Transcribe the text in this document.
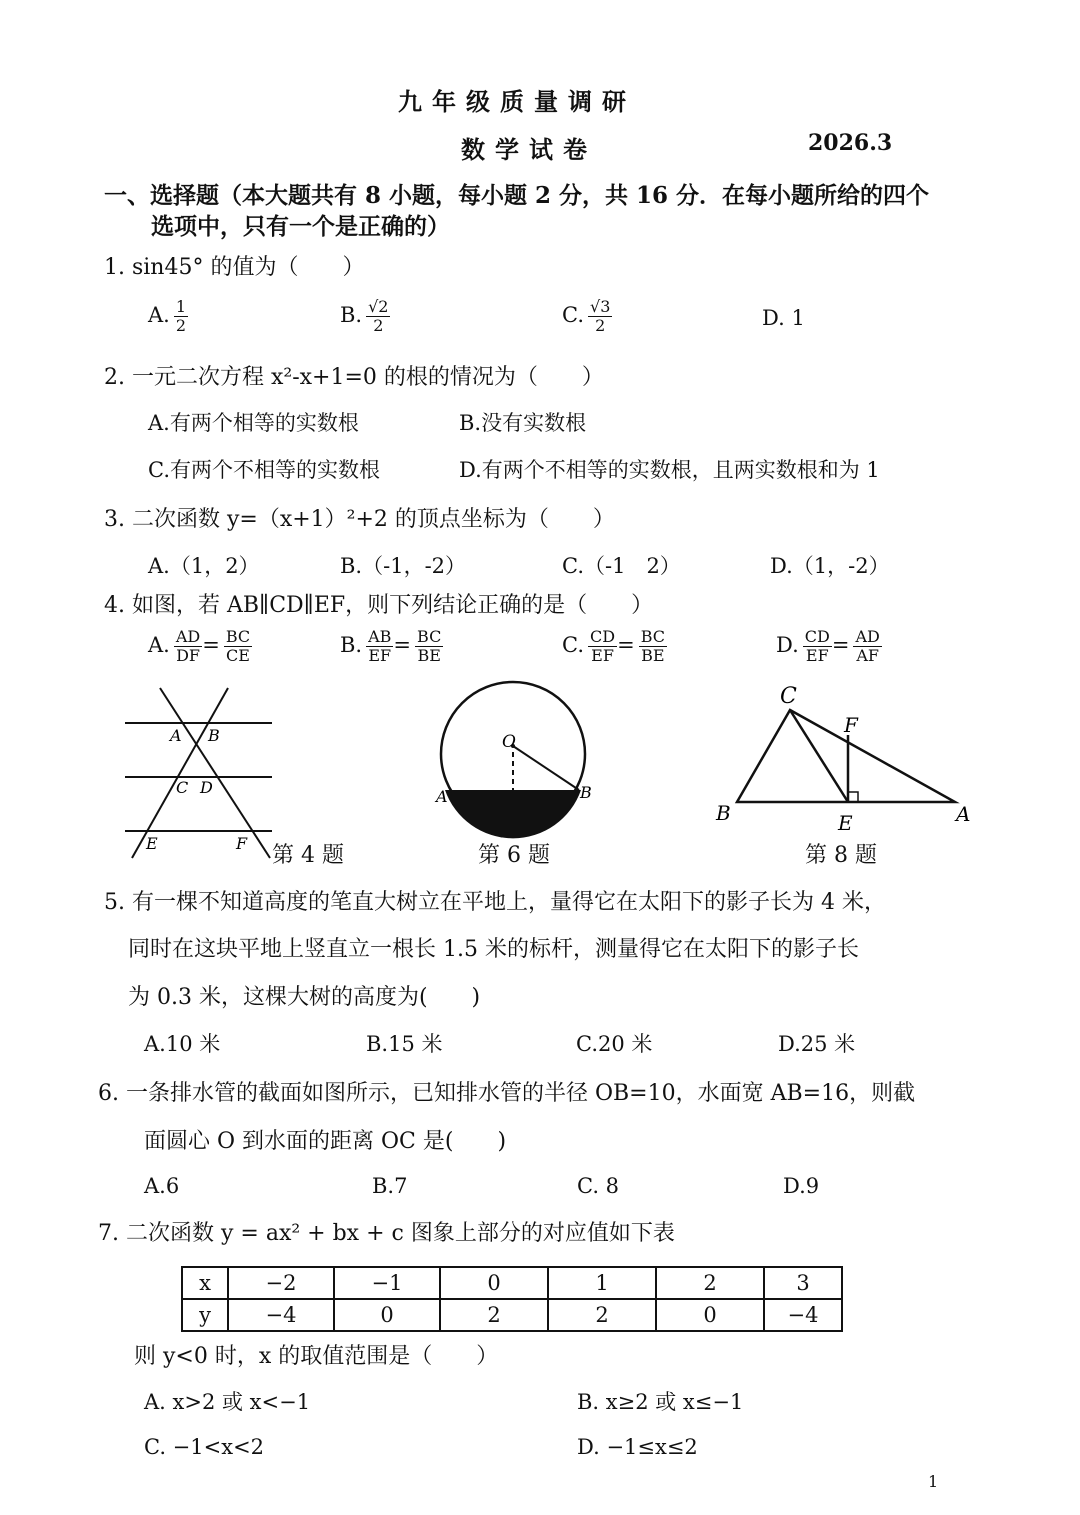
九年级质量调研
数学试卷	2026.3
一、选择题（本大题共有 8 小题，每小题 2 分，共 16 分．在每小题所给的四个
选项中，只有一个是正确的）
1. sin45° 的值为（　　）
A. $\frac{1}{2}$	B. $\frac{√2}{2}$	C. $\frac{√3}{2}$	D. 1
2. 一元二次方程 x²-x+1=0 的根的情况为（　　）
A.有两个相等的实数根	B.没有实数根
C.有两个不相等的实数根	D.有两个不相等的实数根，且两实数根和为 1
3. 二次函数 y=（x+1）²+2 的顶点坐标为（　　）
A.（1，2）	B.（-1，-2）	C.（-1　2）	D.（1，-2）
4. 如图，若 AB∥CD∥EF，则下列结论正确的是（　　）
A. $\frac{AD}{DF} = \frac{BC}{CE}$	B. $\frac{AB}{EF} = \frac{BC}{BE}$	C. $\frac{CD}{EF} = \frac{BC}{BE}$	D. $\frac{CD}{EF} = \frac{AD}{AF}$
A B
C D
E	F 第 4 题
O
A	B
第 6 题
C
F
B	E	A
第 8 题
5. 有一棵不知道高度的笔直大树立在平地上，量得它在太阳下的影子长为 4 米，
同时在这块平地上竖直立一根长 1.5 米的标杆，测量得它在太阳下的影子长
为 0.3 米，这棵大树的高度为(　　)
A.10 米	B.15 米	C.20 米	D.25 米
6. 一条排水管的截面如图所示，已知排水管的半径 OB=10，水面宽 AB=16，则截
面圆心 O 到水面的距离 OC 是(　　)
A.6	B.7	C. 8	D.9
7. 二次函数 y = ax² + bx + c 图象上部分的对应值如下表
x	−2	−1	0	1	2	3
y	−4	0	2	2	0	−4
则 y<0 时，x 的取值范围是（　　）
A. x>2 或 x<−1	B. x≥2 或 x≤−1
C. −1<x<2	D. −1≤x≤2
1
